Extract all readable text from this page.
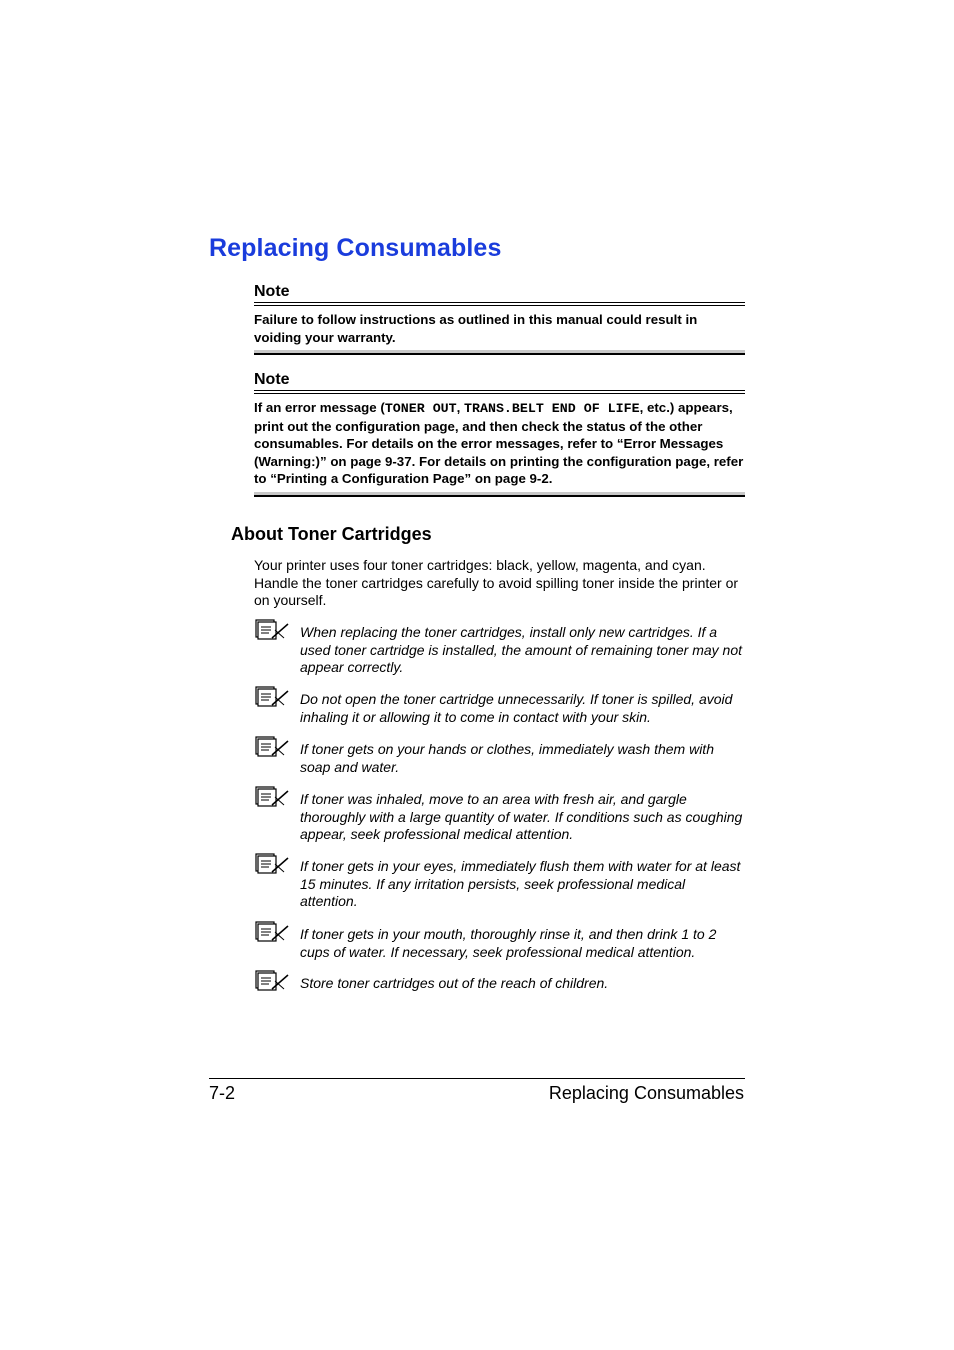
Replacing Consumables
Note
Failure to follow instructions as outlined in this manual could result in voiding your warranty.
Note
If an error message (TONER OUT, TRANS.BELT END OF LIFE, etc.) appears, print out the configuration page, and then check the status of the other consumables. For details on the error messages, refer to “Error Messages (Warning:)” on page 9-37. For details on printing the configuration page, refer to “Printing a Configuration Page” on page 9-2.
About Toner Cartridges

Your printer uses four toner cartridges: black, yellow, magenta, and cyan. Handle the toner cartridges carefully to avoid spilling toner inside the printer or on yourself.

When replacing the toner cartridges, install only new cartridges. If a used toner cartridge is installed, the amount of remaining toner may not appear correctly.
Do not open the toner cartridge unnecessarily. If toner is spilled, avoid inhaling it or allowing it to come in contact with your skin.
If toner gets on your hands or clothes, immediately wash them with soap and water.
If toner was inhaled, move to an area with fresh air, and gargle thoroughly with a large quantity of water. If conditions such as coughing appear, seek professional medical attention.
If toner gets in your eyes, immediately flush them with water for at least 15 minutes. If any irritation persists, seek professional medical attention.
If toner gets in your mouth, thoroughly rinse it, and then drink 1 to 2 cups of water. If necessary, seek professional medical attention.
Store toner cartridges out of the reach of children.
7-2	Replacing Consumables
